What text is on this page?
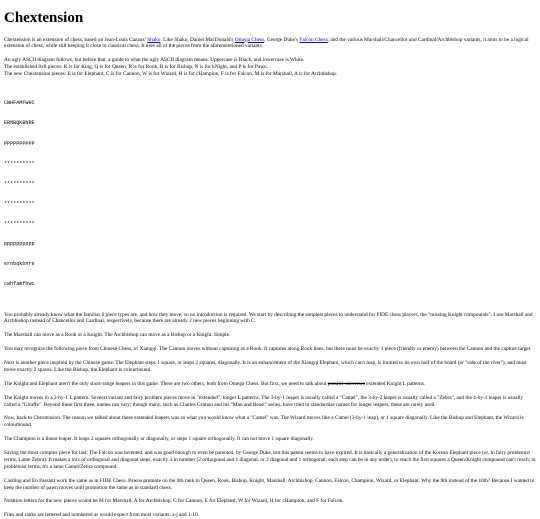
Chextension

Chextension is an extension of chess, based on Jean-Louis Cazaux' Shako. Like Shako, Daniel MacDonald's Omega Chess, George Duke's Falcon Chess, and the various Marshall/Chancellor and Cardinal/Archbishop variants, it aims to be a logical extension of chess, while still keeping it close to classical chess. It uses all of the pieces from the aforementioned variants.

An ugly ASCII diagram follows, but before that, a guide to what the ugly ASCII diagram means. Uppercase is Black, and lowercase is White.
The established 8x8 pieces: K is for King, Q is for Queen, R is for Rook, B is for Bishop, N is for kNight, and P is for Pawn.
The new Chextension pieces: E is for Elephant, C is for Cannon, W is for Wizard, H is for cHampion, F is for Falcon, M is for Marshall, A is for Archbishop.

CWHFAMFWHC

ERNBQKBNRE

PPPPPPPPPP

**********

**********

**********

**********

pppppppppp

ernbqkbnre

cwhfamfhwc

You probably already know what the familiar 6 piece types are, and how they move, so no introduction is required. We start by describing the simplest pieces to understand for FIDE chess players, the "missing Knight compounds". I use Marshall and Archbishop instead of Chancellor and Cardinal, respectively, because there are already 2 new pieces beginning with C.

The Marshall can move as a Rook or a Knight. The Archbishop can move as a Bishop or a Knight. Simple.

You may recognize the following piece from Chinese Chess, or Xiangqi. The Cannon moves without capturing as a Rook. It captures along Rook lines, but there must be exactly 1 piece (friendly or enemy) between the Cannon and the capture target.

Next is another piece inspired by the Chinese game. The Elephant steps 1 square, or leaps 2 squares, diagonally. It is an enhancement of the Xiangqi Elephant, which can't leap, is limited to its own half of the board (or "side of the river"), and must move exactly 2 spaces. Like the Bishop, the Elephant is colourbound.

The Knight and Elephant aren't the only short-range leapers in this game. There are two others, both from Omega Chess. But first, we need to talk about parallel universes extended Knight L patterns.

The Knight moves in a 2-by-1 L pattern. Several variant and fairy problem pieces move in "extended", longer L patterns. The 3-by-1 leaper is usually called a "Camel", the 3-by-2 leaper is usually called a "Zebra", and the 4-by-1 leaper is usually called a "Giraffe". Beyond these first three, names can vary; though many, such as Charles Gilman and his "Man and Beast" series, have tried to standardize names for longer leapers, these are rarely used.

Now, back to Chextension. The reason we talked about these extended leapers was so what you would know what a "Camel" was. The Wizard moves like a Camel (3-by-1 leap), or 1 square diagonally. Like the Bishop and Elephant, the Wizard is colourbound.

The Champion is a linear leaper. It leaps 2 squares orthogonally or diagonally, or steps 1 square orthogonally. It can not move 1 square diagonally.

Saving the most complex piece for last: The Falcon was invented, and was good enough to even be patented, by George Duke, but this patent seems to have expired. It is basically a generalization of the Korean Elephant piece (or, in fairy problemist terms, Lame Zebra). It makes a mix of orthogonal and diagonal steps, exactly 3 in number (2 orthogonal and 1 diagonal, or 2 diagonal and 1 orthogonal; each step can be in any order), to reach the first squares a Queen/Knight compound can't reach; in problemist terms, it's a lame Camel/Zebra compound.

Castling and En Passant work the same as in FIDE Chess. Pawns promote on the 9th rank to Queen, Rook, Bishop, Knight, Marshall, Archbishop, Cannon, Falcon, Champion, Wizard, or Elephant. Why the 9th instead of the 10th? Because I wanted to keep the number of pawn moves until promotion the same as in standard chess.

Notation letters for the new pieces would be M for Marshall, A for Archbishop, C for Cannon, E for Elephant, W for Wizard, H for cHampion, and F for Falcon.

Files and ranks are lettered and numbered as would expect from most variants: a-j and 1-10.
